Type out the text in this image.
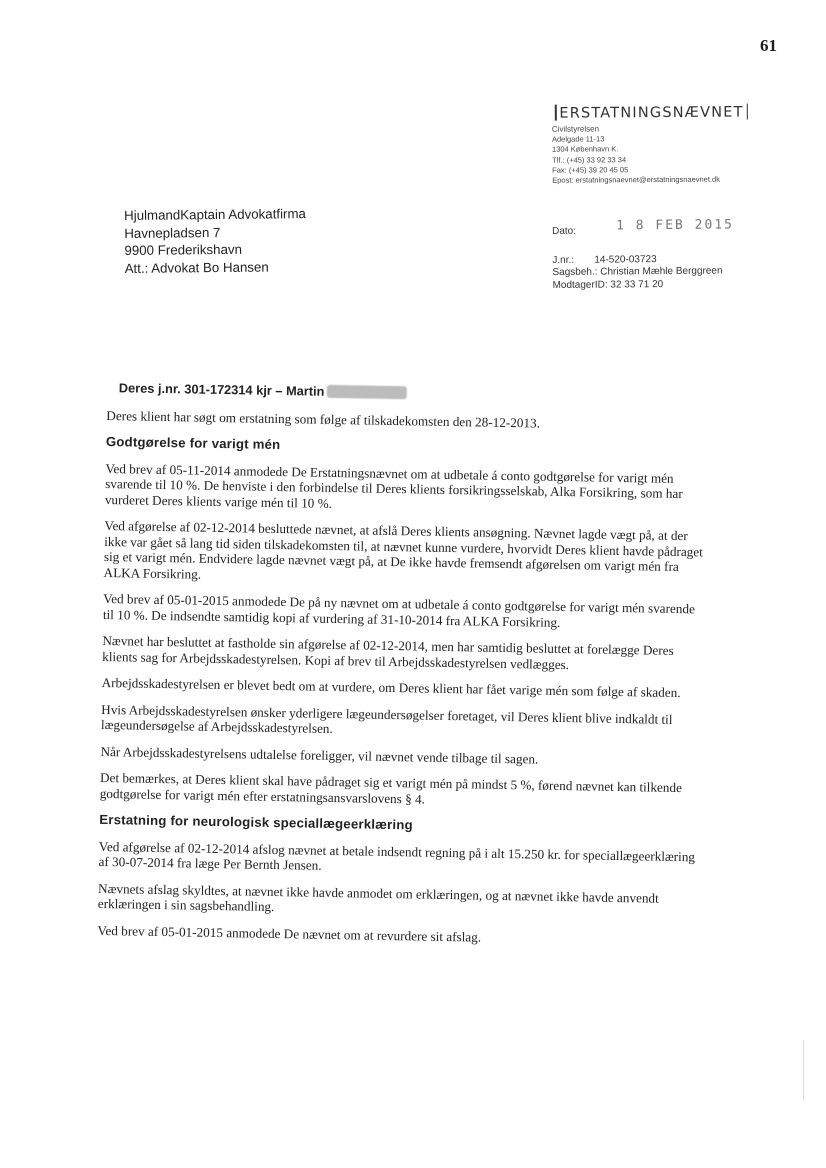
61
ERSTATNINGSNÆVNET
Civilstyrelsen
Adelgade 11-13
1304 København K.
Tlf.: (+45) 33 92 33 34
Fax: (+45) 39 20 45 05
Epost: erstatningsnaevnet@erstatningsnaevnet.dk
HjulmandKaptain Advokatfirma
Havnepladsen 7
9900 Frederikshavn
Att.: Advokat Bo Hansen
Dato:	1 8 FEB 2015
J.nr.: 14-520-03723
Sagsbeh.: Christian Mæhle Berggreen
ModtagerID: 32 33 71 20
Deres j.nr. 301-172314 kjr – Martin

Deres klient har søgt om erstatning som følge af tilskadekomsten den 28-12-2013.

Godtgørelse for varigt mén

Ved brev af 05-11-2014 anmodede De Erstatningsnævnet om at udbetale á conto godtgørelse for varigt mén svarende til 10 %. De henviste i den forbindelse til Deres klients forsikringsselskab, Alka Forsikring, som har vurderet Deres klients varige mén til 10 %.

Ved afgørelse af 02-12-2014 besluttede nævnet, at afslå Deres klients ansøgning. Nævnet lagde vægt på, at der ikke var gået så lang tid siden tilskadekomsten til, at nævnet kunne vurdere, hvorvidt Deres klient havde pådraget sig et varigt mén. Endvidere lagde nævnet vægt på, at De ikke havde fremsendt afgørelsen om varigt mén fra ALKA Forsikring.

Ved brev af 05-01-2015 anmodede De på ny nævnet om at udbetale á conto godtgørelse for varigt mén svarende til 10 %. De indsendte samtidig kopi af vurdering af 31-10-2014 fra ALKA Forsikring.

Nævnet har besluttet at fastholde sin afgørelse af 02-12-2014, men har samtidig besluttet at forelægge Deres klients sag for Arbejdsskadestyrelsen. Kopi af brev til Arbejdsskadestyrelsen vedlægges.

Arbejdsskadestyrelsen er blevet bedt om at vurdere, om Deres klient har fået varige mén som følge af skaden.

Hvis Arbejdsskadestyrelsen ønsker yderligere lægeundersøgelser foretaget, vil Deres klient blive indkaldt til lægeundersøgelse af Arbejdsskadestyrelsen.

Når Arbejdsskadestyrelsens udtalelse foreligger, vil nævnet vende tilbage til sagen.

Det bemærkes, at Deres klient skal have pådraget sig et varigt mén på mindst 5 %, førend nævnet kan tilkende godtgørelse for varigt mén efter erstatningsansvarslovens § 4.

Erstatning for neurologisk speciallægeerklæring

Ved afgørelse af 02-12-2014 afslog nævnet at betale indsendt regning på i alt 15.250 kr. for speciallægeerklæring af 30-07-2014 fra læge Per Bernth Jensen.

Nævnets afslag skyldtes, at nævnet ikke havde anmodet om erklæringen, og at nævnet ikke havde anvendt erklæringen i sin sagsbehandling.

Ved brev af 05-01-2015 anmodede De nævnet om at revurdere sit afslag.
